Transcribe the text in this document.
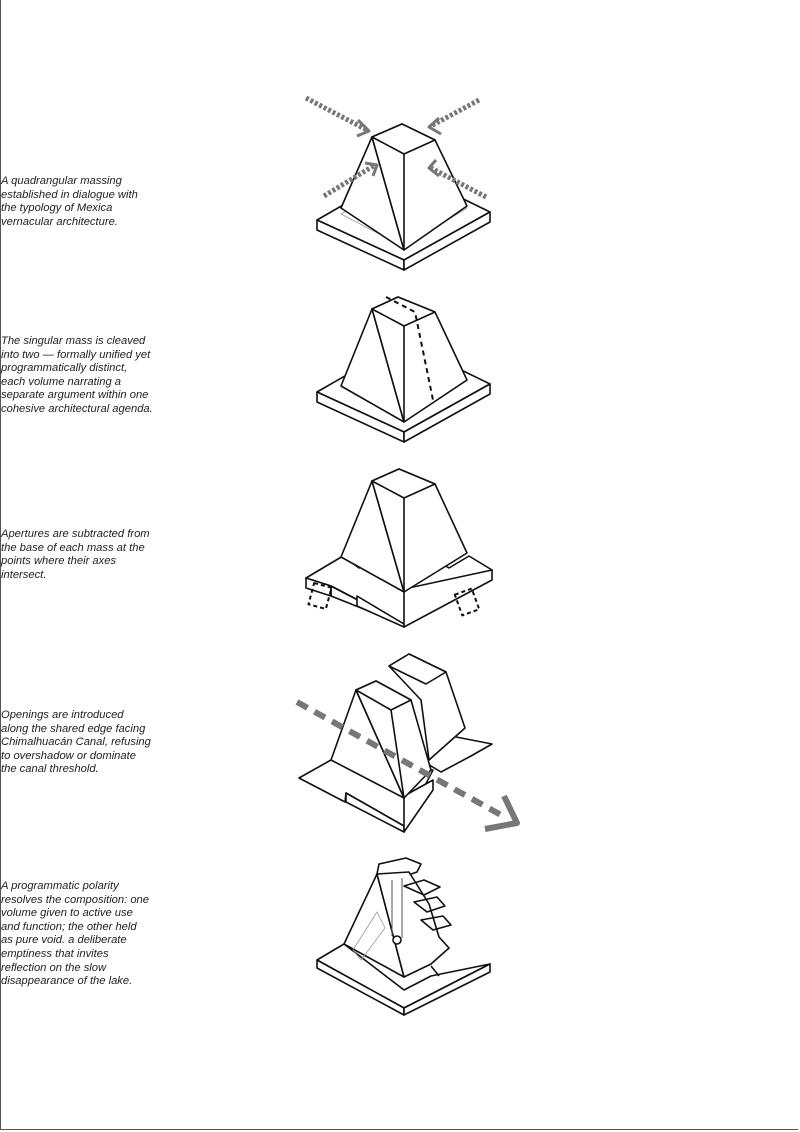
A quadrangular massing
established in dialogue with
the typology of Mexica
vernacular architecture.

The singular mass is cleaved
into two — formally unified yet
programmatically distinct,
each volume narrating a
separate argument within one
cohesive architectural agenda.

Apertures are subtracted from
the base of each mass at the
points where their axes
intersect.

Openings are introduced
along the shared edge facing
Chimalhuacán Canal, refusing
to overshadow or dominate
the canal threshold.

A programmatic polarity
resolves the composition: one
volume given to active use
and function; the other held
as pure void. a deliberate
emptiness that invites
reflection on the slow
disappearance of the lake.
